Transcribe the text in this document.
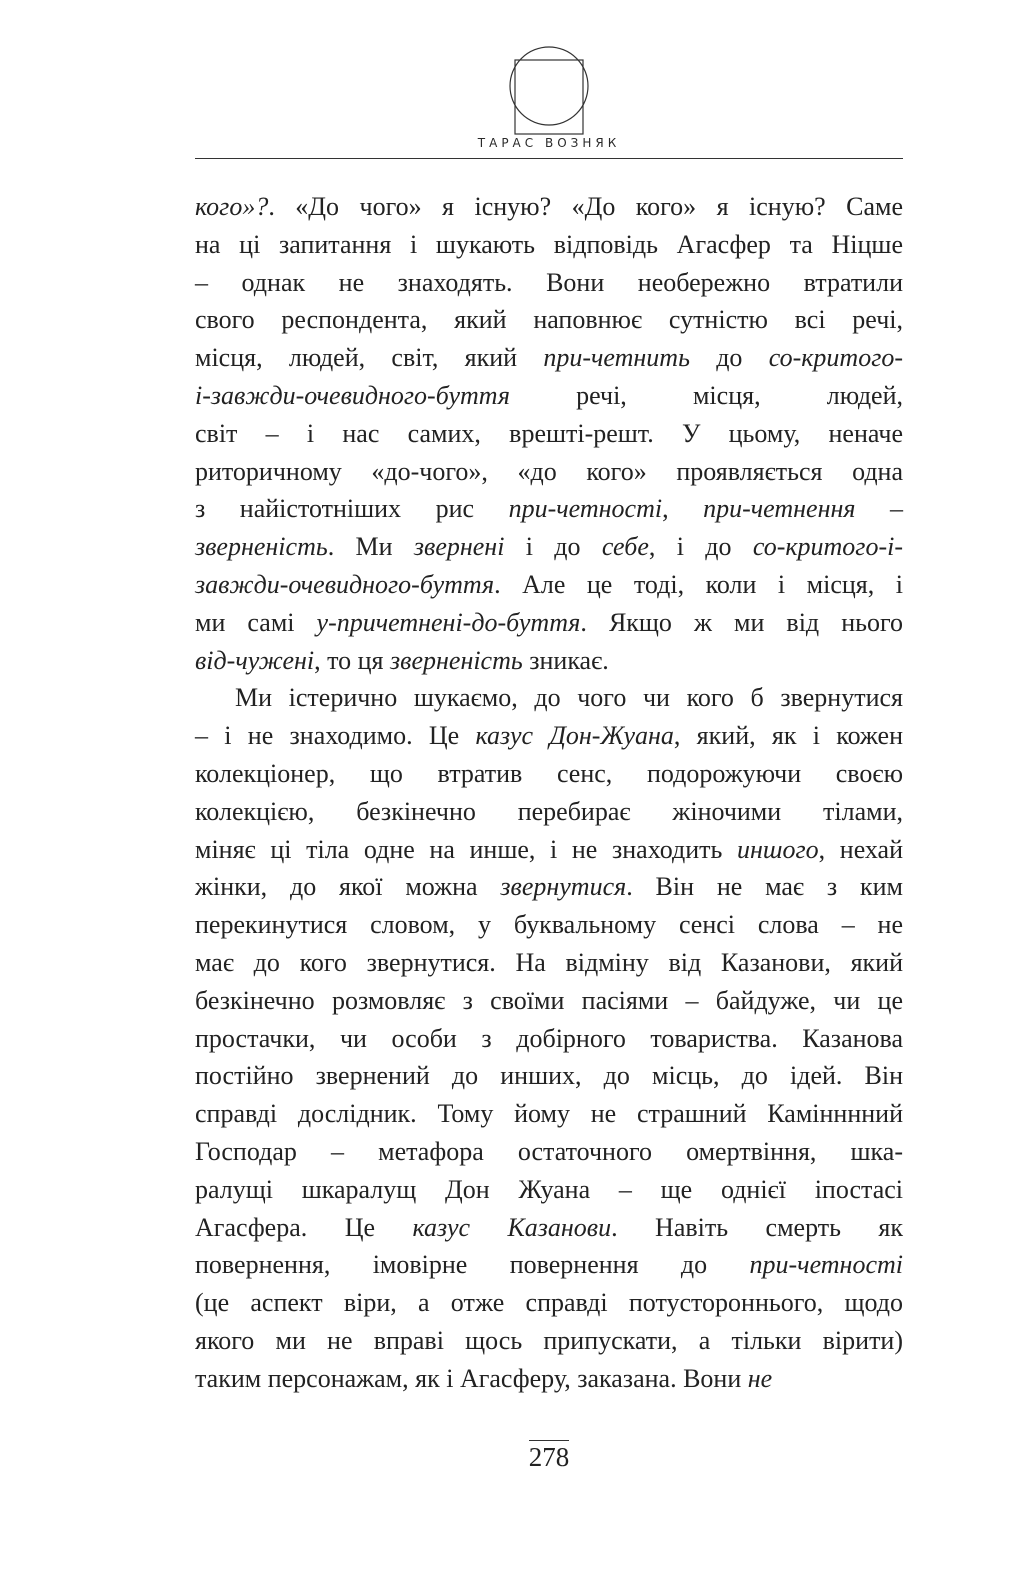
ТАРАС ВОЗНЯК
кого»?. «До чого» я існую? «До кого» я існую? Саме
на ці запитання і шукають відповідь Агасфер та Ніцше
– однак не знаходять. Вони необережно втратили
свого респондента, який наповнює сутністю всі речі,
місця, людей, світ, який при-четнить до со-критого-
і-завжди-очевидного-буття речі, місця, людей,
світ – і нас самих, врешті-решт. У цьому, неначе
риторичному «до-чого», «до кого» проявляється одна
з найістотніших рис при-четності, при-четнення –
зверненість. Ми звернені і до себе, і до со-критого-і-
завжди-очевидного-буття. Але це тоді, коли і місця, і
ми самі у-причетнені-до-буття. Якщо ж ми від нього
від-чужені, то ця зверненість зникає.
Ми істерично шукаємо, до чого чи кого б звернутися
– і не знаходимо. Це казус Дон-Жуана, який, як і кожен
колекціонер, що втратив сенс, подорожуючи своєю
колекцією, безкінечно перебирає жіночими тілами,
міняє ці тіла одне на инше, і не знаходить иншого, нехай
жінки, до якої можна звернутися. Він не має з ким
перекинутися словом, у буквальному сенсі слова – не
має до кого звернутися. На відміну від Казанови, який
безкінечно розмовляє з своїми пасіями – байдуже, чи це
простачки, чи особи з добірного товариства. Казанова
постійно звернений до инших, до місць, до ідей. Він
справді дослідник. Тому йому не страшний Камінннний
Господар – метафора остаточного омертвіння, шка-
ралущі шкаралущ Дон Жуана – ще однієї іпостасі
Агасфера. Це казус Казанови. Навіть смерть як
повернення, імовірне повернення до при-четності
(це аспект віри, а отже справді потустороннього, щодо
якого ми не вправі щось припускати, а тільки вірити)
таким персонажам, як і Агасферу, заказана. Вони не
278
